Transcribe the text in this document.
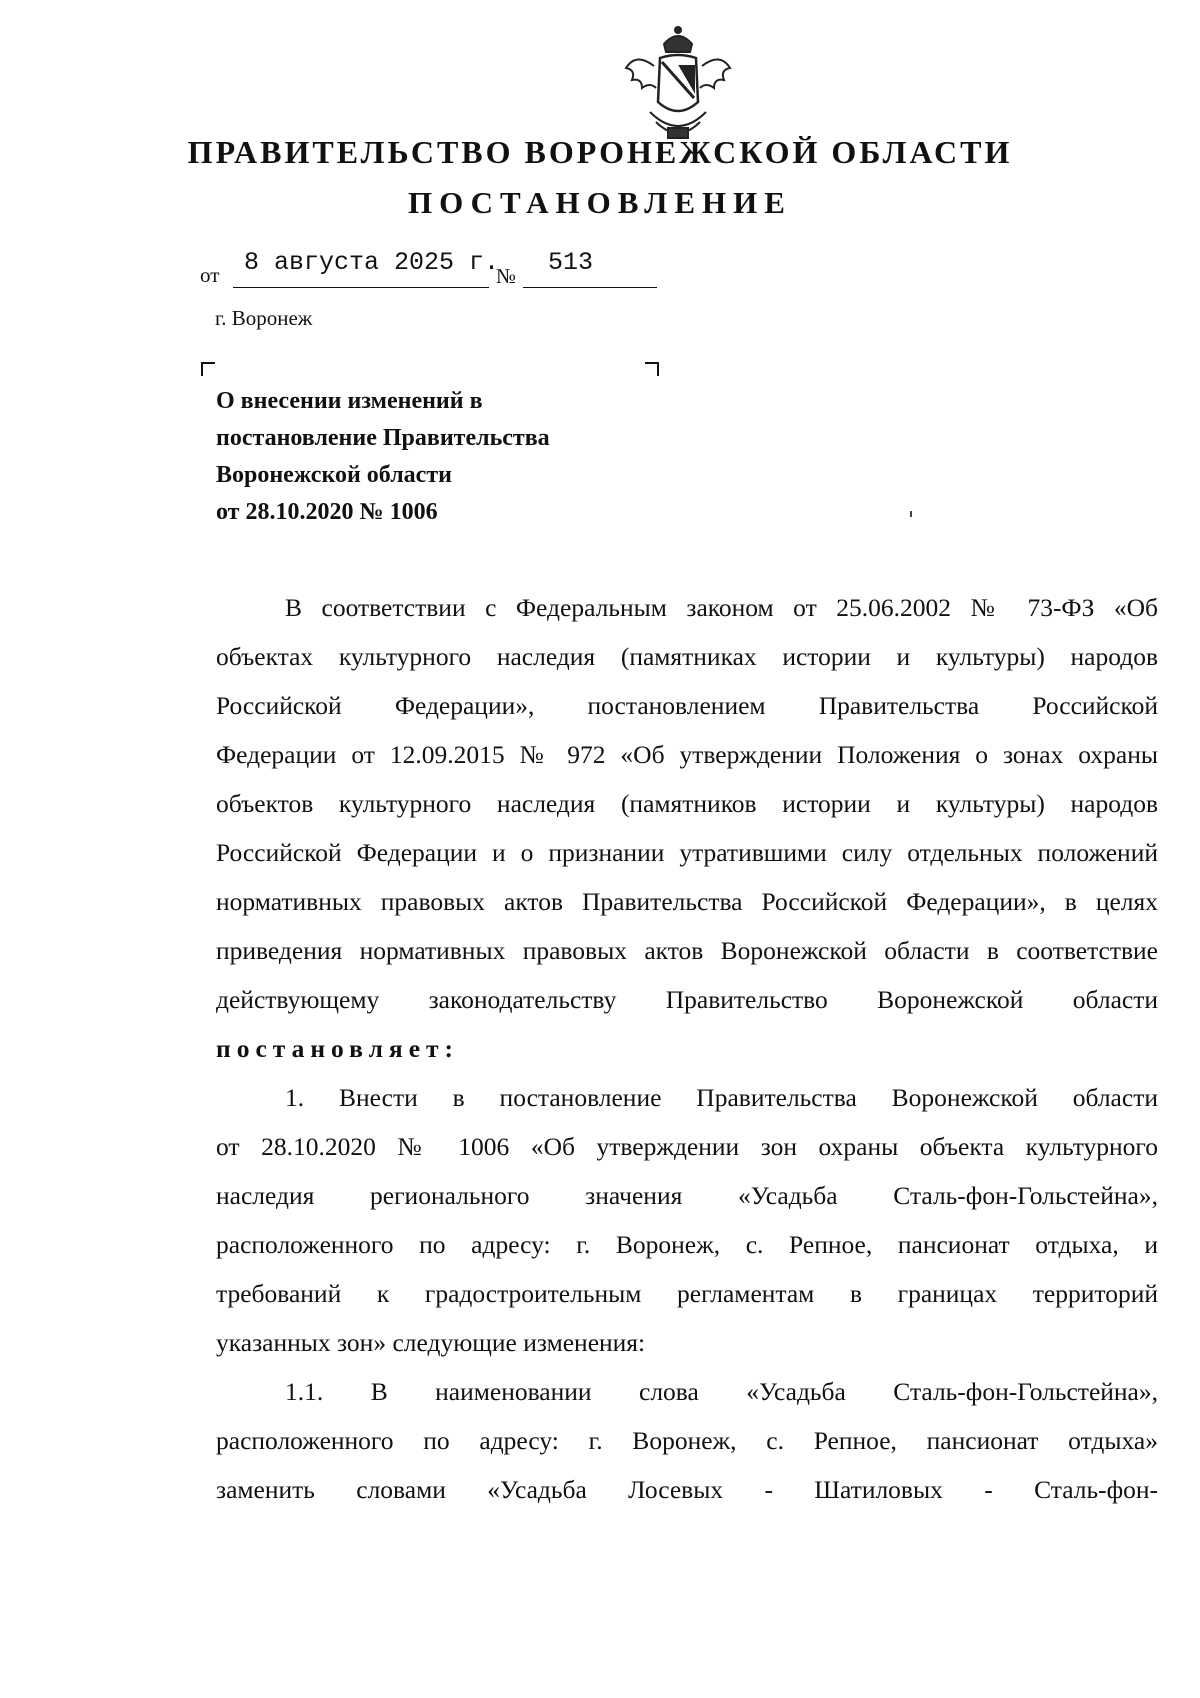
ПРАВИТЕЛЬСТВО ВОРОНЕЖСКОЙ ОБЛАСТИ
ПОСТАНОВЛЕНИЕ
от 8 августа 2025 г.
№ 513
г. Воронеж
О внесении изменений в
постановление Правительства
Воронежской области
от 28.10.2020 № 1006
В соответствии с Федеральным законом от 25.06.2002 № 73-ФЗ «Об
объектах культурного наследия (памятниках истории и культуры) народов
Российской Федерации», постановлением Правительства Российской
Федерации от 12.09.2015 № 972 «Об утверждении Положения о зонах охраны
объектов культурного наследия (памятников истории и культуры) народов
Российской Федерации и о признании утратившими силу отдельных положений
нормативных правовых актов Правительства Российской Федерации», в целях
приведения нормативных правовых актов Воронежской области в соответствие
действующему законодательству Правительство Воронежской области
постановляет:
1. Внести в постановление Правительства Воронежской области
от 28.10.2020 № 1006 «Об утверждении зон охраны объекта культурного
наследия регионального значения «Усадьба Сталь-фон-Гольстейна»,
расположенного по адресу: г. Воронеж, с. Репное, пансионат отдыха, и
требований к градостроительным регламентам в границах территорий
указанных зон» следующие изменения:
1.1. В наименовании слова «Усадьба Сталь-фон-Гольстейна»,
расположенного по адресу: г. Воронеж, с. Репное, пансионат отдыха»
заменить словами «Усадьба Лосевых - Шатиловых - Сталь-фон-
